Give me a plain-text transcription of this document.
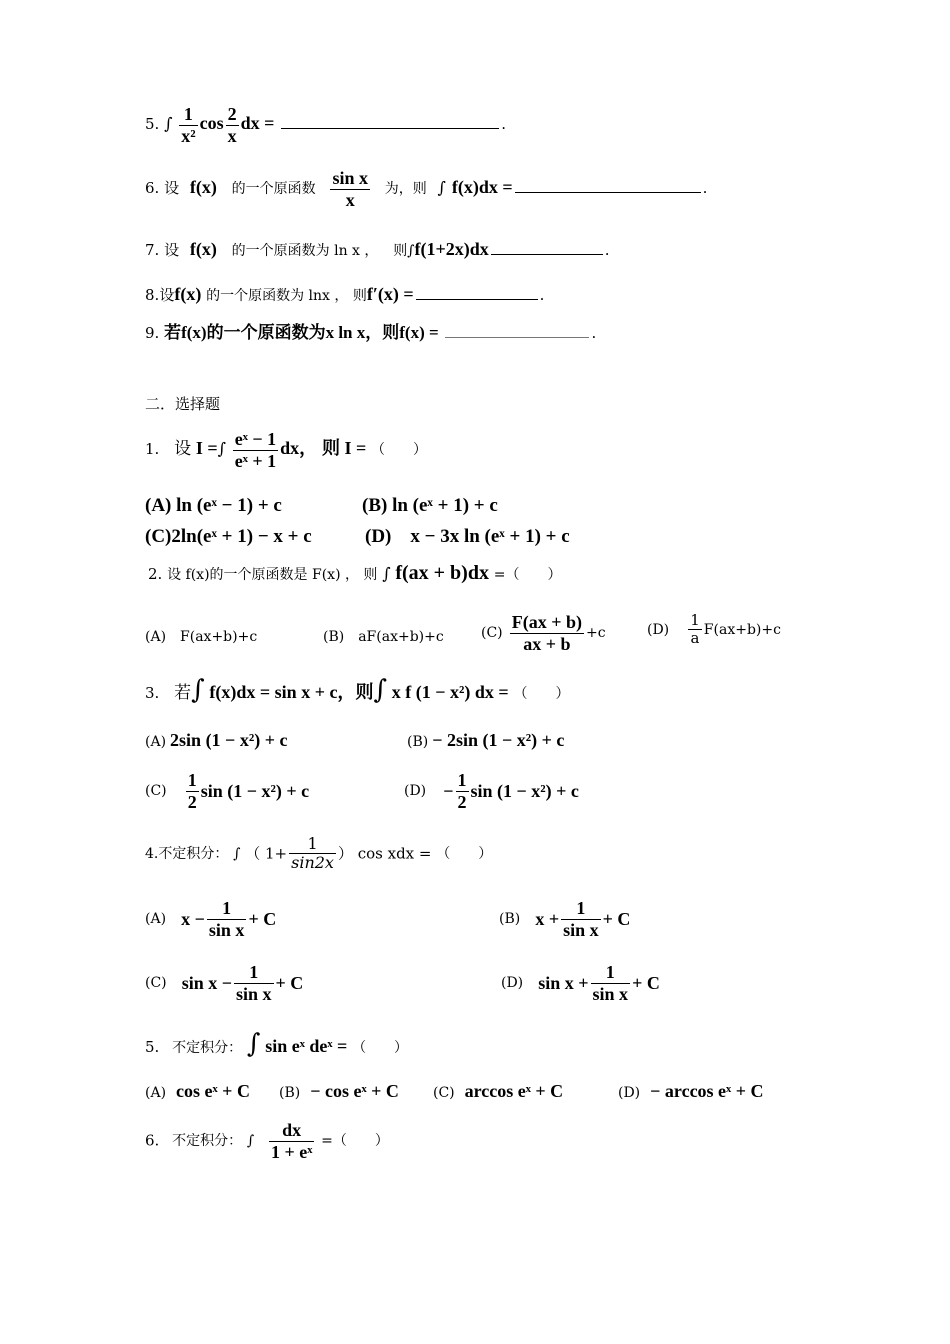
5. ∫ $\frac{1}{\text{x²}}$ $\cos \frac{2}{x}$ dx =	.
6. 设 f(x) 的一个原函数 $\frac{\text{sin x}}{x}$ 为，则 ∫ f(x)dx =	.
7. 设 f(x) 的一个原函数为 ln x ， 则∫f(1+2x)dx	.
8.设f(x) 的一个原函数为 lnx ， 则f′(x) =	.
9. 若f(x)的一个原函数为x ln x，则f(x) =	.
二．选择题
1. 设 I =∫ $\frac{\text{eˣ − 1}}{\text{eˣ + 1}}$ dx， 则 I = （　　）
(A) ln (eˣ − 1) + c	(B) ln (eˣ + 1) + c
(C)2ln(eˣ + 1) − x + c	(D)　x − 3x ln (eˣ + 1) + c
2. 设 f(x)的一个原函数是 F(x) ， 则 ∫ f(ax + b)dx =（　　）
(A)　F(ax+b)+c	(B)　aF(ax+b)+c	$(C) \frac{F(ax + b)}{ax + b} +c$	$(D) \frac{1}{a} F(ax+b)+c$
3. 若∫ f(x)dx = sin x + c，则∫ x f (1 − x²) dx = （　　）
(A) 2sin (1 − x²) + c	(B) − 2sin (1 − x²) + c
$(C) \frac{1}{2}$ sin (1 − x²) + c	$(D) - \frac{1}{2}$ sin (1 − x²) + c
4.不定积分： ∫ （ $1+ \frac{1}{\sin 2x}$ ） cos xdx = （　　）
(A) $x - \frac{1}{\text{sin x}} + C$	(B) $x + \frac{1}{\text{sin x}} + C$
(C) $\sin x - \frac{1}{\text{sin x}} + C$	(D) $\sin x + \frac{1}{\text{sin x}} + C$
5. 不定积分： ∫ sin eˣ deˣ = （　　）
(A) cos eˣ + C (B) − cos eˣ + C (C) arccos eˣ + C	(D) − arccos eˣ + C
6. 不定积分： ∫ $\frac{dx}{\text{1 + eˣ}}$ =（　　）
